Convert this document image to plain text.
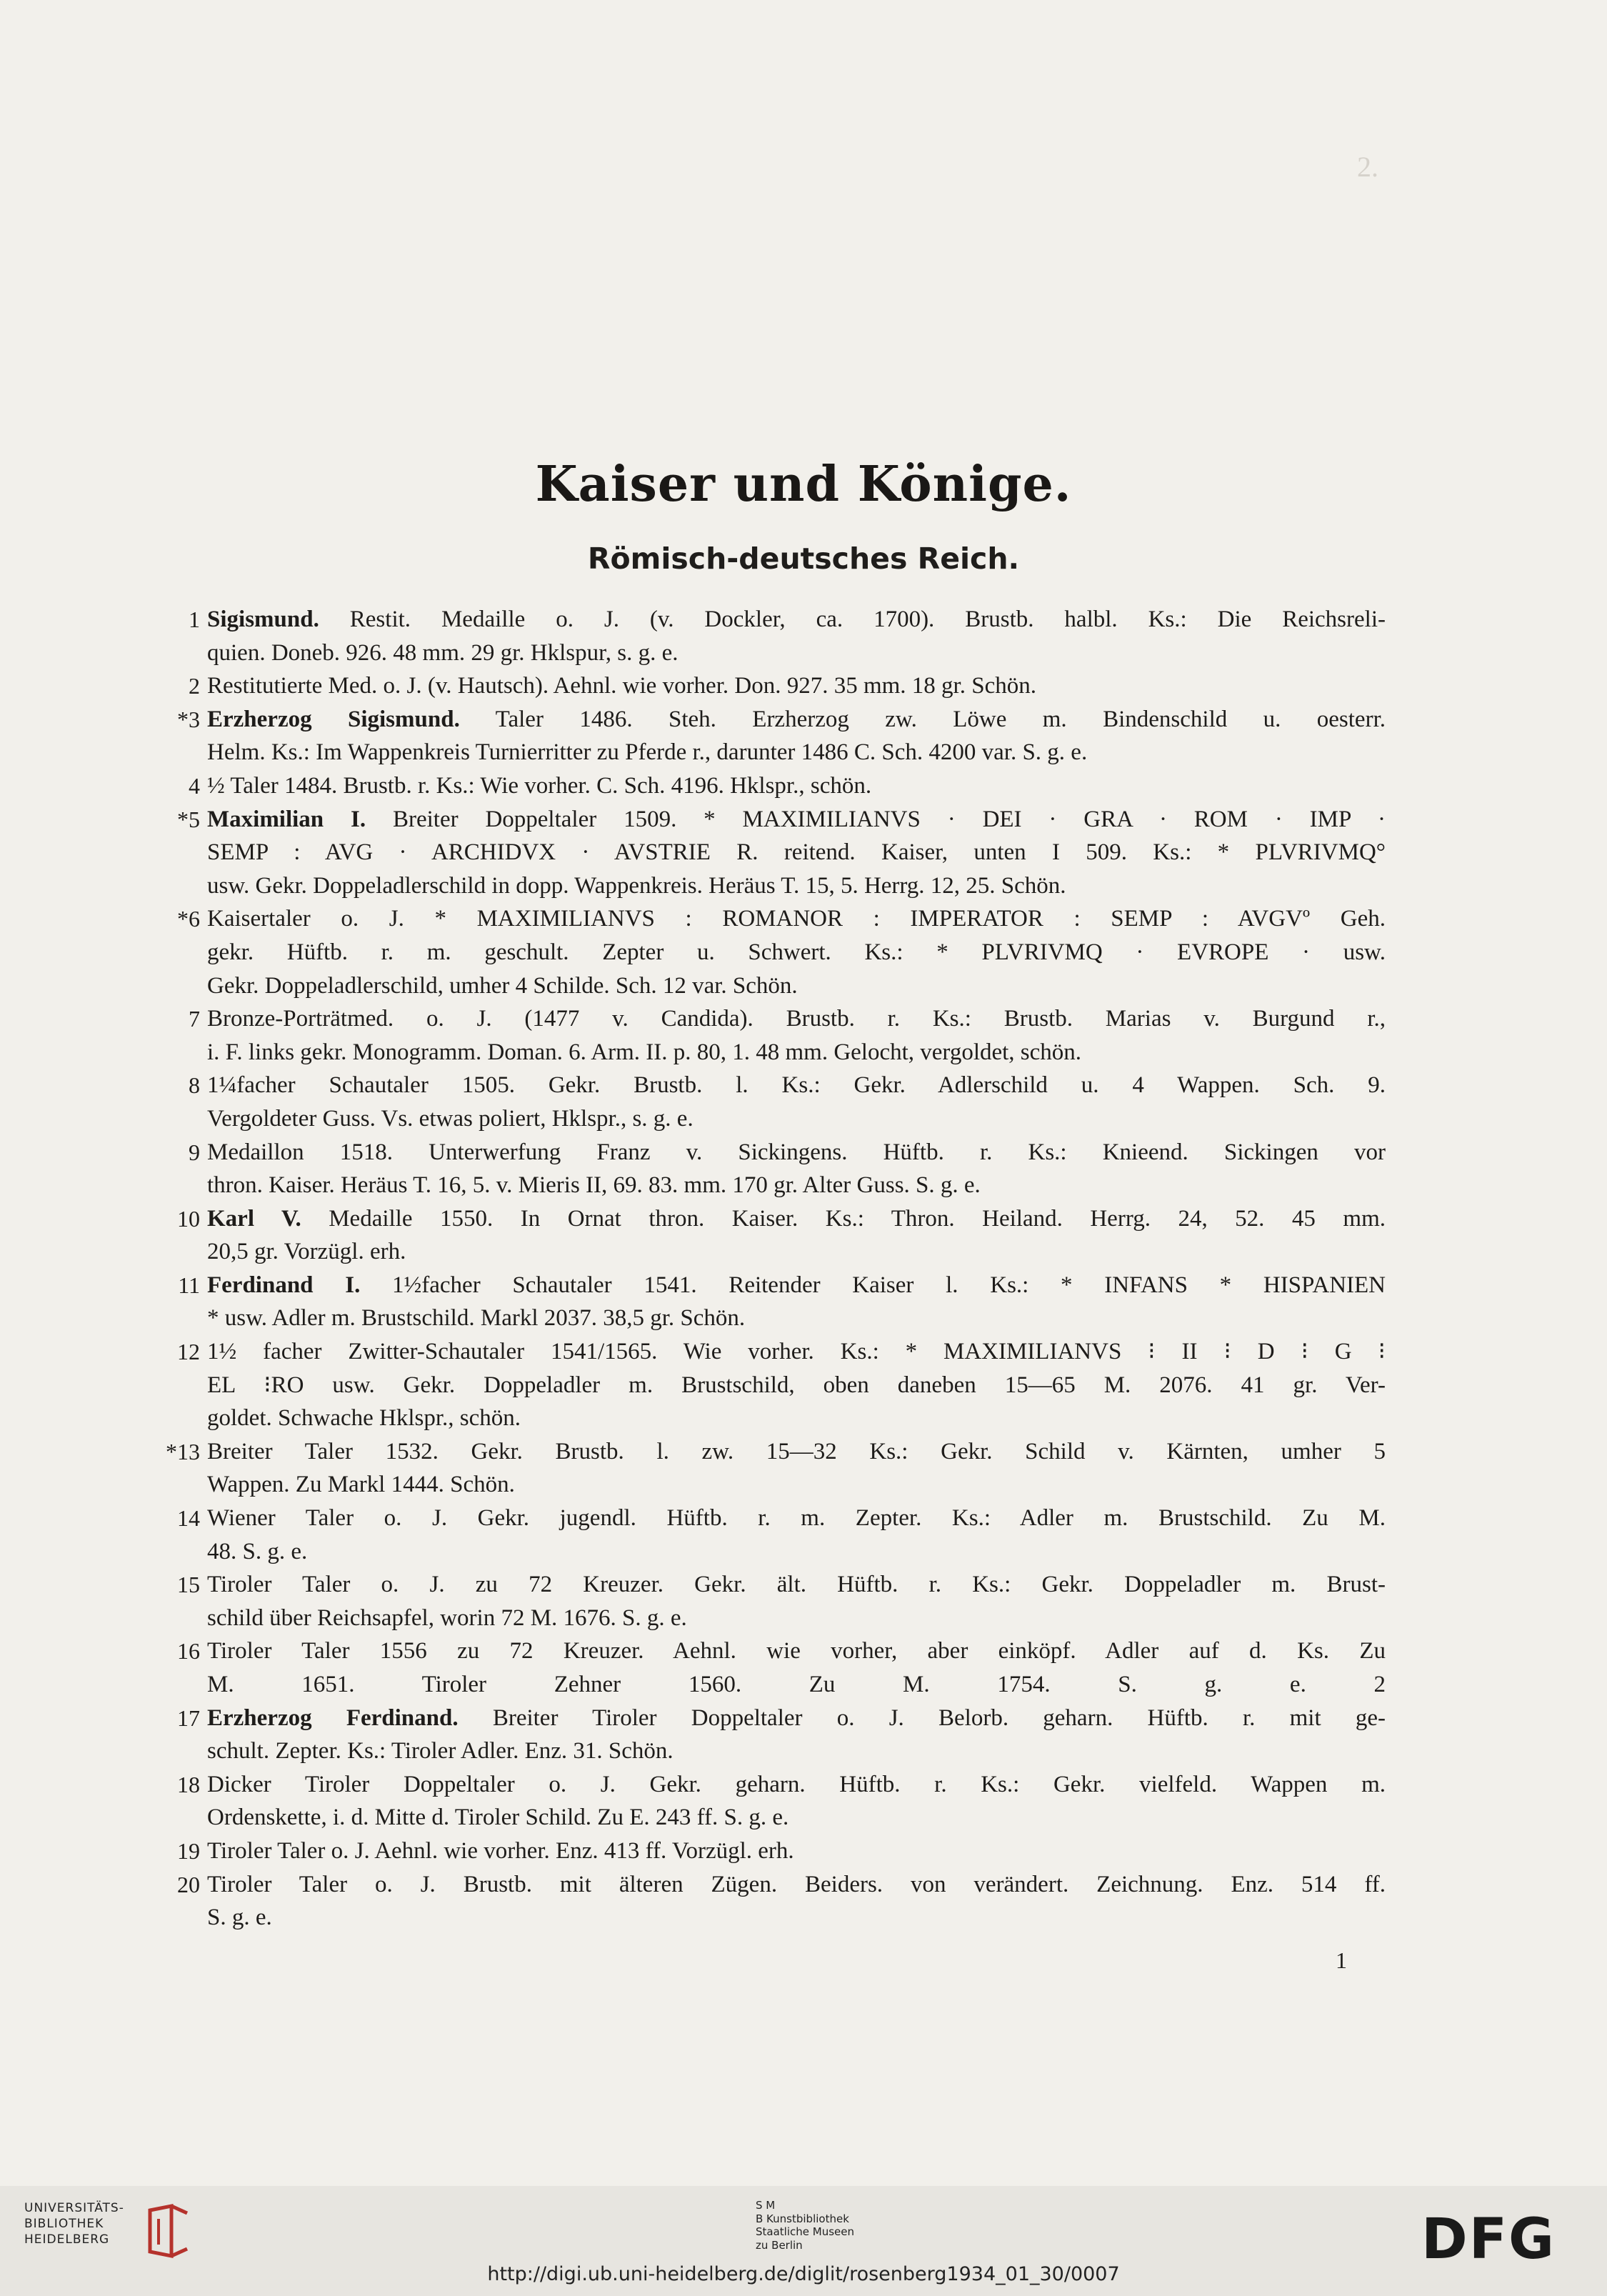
2.
Kaiser und Könige.
Römisch-deutsches Reich.
1 Sigismund. Restit. Medaille o. J. (v. Dockler, ca. 1700). Brustb. halbl. Ks.: Die Reichsreli-
quien. Doneb. 926. 48 mm. 29 gr. Hklspur, s. g. e.
2 Restitutierte Med. o. J. (v. Hautsch). Aehnl. wie vorher. Don. 927. 35 mm. 18 gr. Schön.
*3 Erzherzog Sigismund. Taler 1486. Steh. Erzherzog zw. Löwe m. Bindenschild u. oesterr.
Helm. Ks.: Im Wappenkreis Turnierritter zu Pferde r., darunter 1486 C. Sch. 4200 var. S. g. e.
4 ½ Taler 1484. Brustb. r. Ks.: Wie vorher. C. Sch. 4196. Hklspr., schön.
*5 Maximilian I. Breiter Doppeltaler 1509. * MAXIMILIANVS · DEI · GRA · ROM · IMP ·
SEMP : AVG · ARCHIDVX · AVSTRIE R. reitend. Kaiser, unten I 509. Ks.: * PLVRIVMQ°
usw. Gekr. Doppeladlerschild in dopp. Wappenkreis. Heräus T. 15, 5. Herrg. 12, 25. Schön.
*6 Kaisertaler o. J. * MAXIMILIANVS : ROMANOR : IMPERATOR : SEMP : AVGVº Geh.
gekr. Hüftb. r. m. geschult. Zepter u. Schwert. Ks.: * PLVRIVMQ · EVROPE · usw.
Gekr. Doppeladlerschild, umher 4 Schilde. Sch. 12 var. Schön.
7 Bronze-Porträtmed. o. J. (1477 v. Candida). Brustb. r. Ks.: Brustb. Marias v. Burgund r.,
i. F. links gekr. Monogramm. Doman. 6. Arm. II. p. 80, 1. 48 mm. Gelocht, vergoldet, schön.
8 1¼facher Schautaler 1505. Gekr. Brustb. l. Ks.: Gekr. Adlerschild u. 4 Wappen. Sch. 9.
Vergoldeter Guss. Vs. etwas poliert, Hklspr., s. g. e.
9 Medaillon 1518. Unterwerfung Franz v. Sickingens. Hüftb. r. Ks.: Knieend. Sickingen vor
thron. Kaiser. Heräus T. 16, 5. v. Mieris II, 69. 83. mm. 170 gr. Alter Guss. S. g. e.
10 Karl V. Medaille 1550. In Ornat thron. Kaiser. Ks.: Thron. Heiland. Herrg. 24, 52. 45 mm.
20,5 gr. Vorzügl. erh.
11 Ferdinand I. 1½facher Schautaler 1541. Reitender Kaiser l. Ks.: * INFANS * HISPANIEN
* usw. Adler m. Brustschild. Markl 2037. 38,5 gr. Schön.
12 1½ facher Zwitter-Schautaler 1541/1565. Wie vorher. Ks.: * MAXIMILIANVS ⁝ II ⁝ D ⁝ G ⁝
EL ⁝RO usw. Gekr. Doppeladler m. Brustschild, oben daneben 15—65 M. 2076. 41 gr. Ver-
goldet. Schwache Hklspr., schön.
*13 Breiter Taler 1532. Gekr. Brustb. l. zw. 15—32 Ks.: Gekr. Schild v. Kärnten, umher 5
Wappen. Zu Markl 1444. Schön.
14 Wiener Taler o. J. Gekr. jugendl. Hüftb. r. m. Zepter. Ks.: Adler m. Brustschild. Zu M.
48. S. g. e.
15 Tiroler Taler o. J. zu 72 Kreuzer. Gekr. ält. Hüftb. r. Ks.: Gekr. Doppeladler m. Brust-
schild über Reichsapfel, worin 72 M. 1676. S. g. e.
16 Tiroler Taler 1556 zu 72 Kreuzer. Aehnl. wie vorher, aber einköpf. Adler auf d. Ks. Zu
M. 1651. Tiroler Zehner 1560. Zu M. 1754. S. g. e.	2
17 Erzherzog Ferdinand. Breiter Tiroler Doppeltaler o. J. Belorb. geharn. Hüftb. r. mit ge-
schult. Zepter. Ks.: Tiroler Adler. Enz. 31. Schön.
18 Dicker Tiroler Doppeltaler o. J. Gekr. geharn. Hüftb. r. Ks.: Gekr. vielfeld. Wappen m.
Ordenskette, i. d. Mitte d. Tiroler Schild. Zu E. 243 ff. S. g. e.
19 Tiroler Taler o. J. Aehnl. wie vorher. Enz. 413 ff. Vorzügl. erh.
20 Tiroler Taler o. J. Brustb. mit älteren Zügen. Beiders. von verändert. Zeichnung. Enz. 514 ff.
S. g. e.
1
UNIVERSITÄTS-
BIBLIOTHEK
HEIDELBERG
S M
B Kunstbibliothek
Staatliche Museen
zu Berlin	DFG
http://digi.ub.uni-heidelberg.de/diglit/rosenberg1934_01_30/0007
